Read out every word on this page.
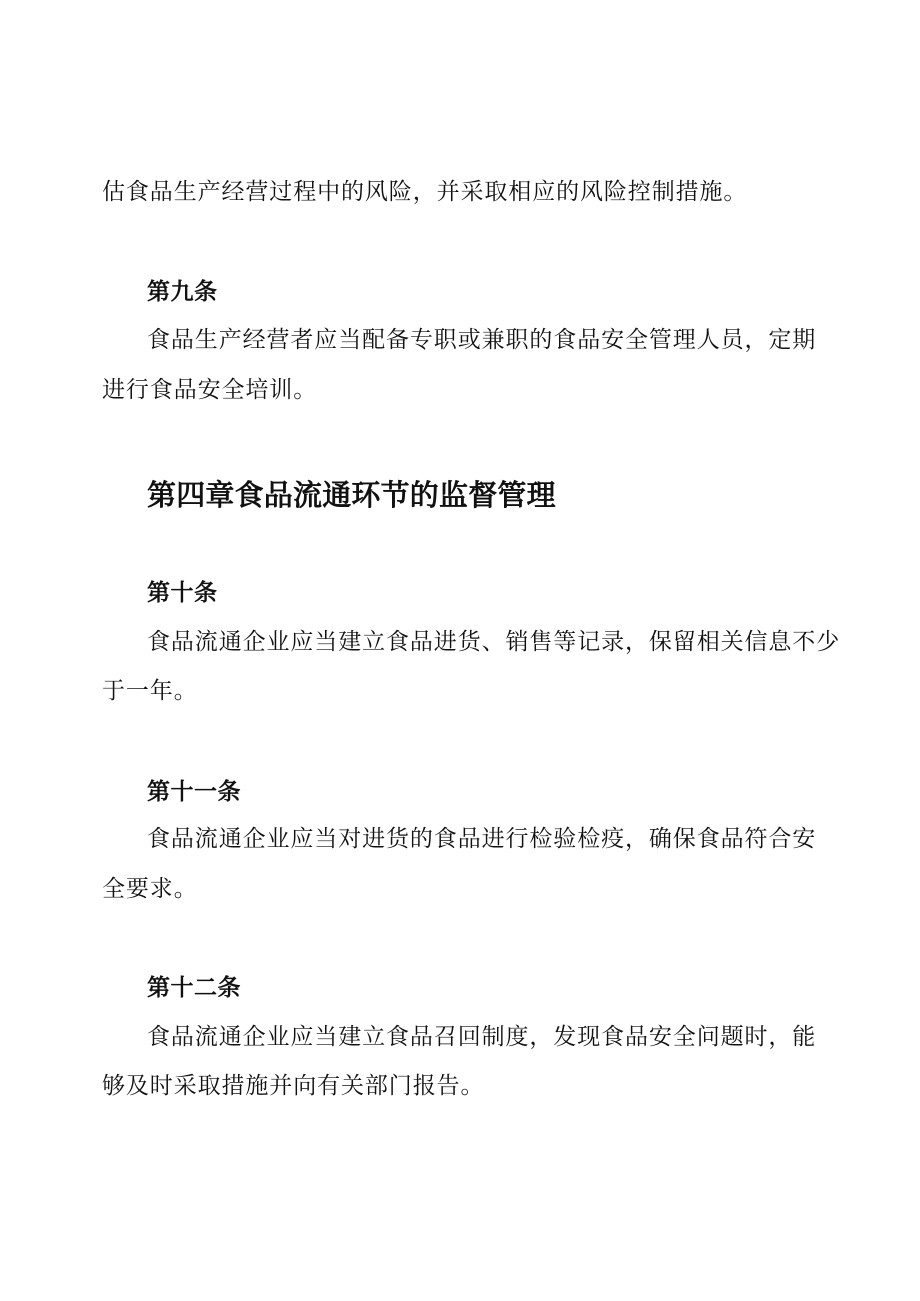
估食品生产经营过程中的风险，并采取相应的风险控制措施。

第九条

食品生产经营者应当配备专职或兼职的食品安全管理人员，定期

进行食品安全培训。

第四章食品流通环节的监督管理
第十条

食品流通企业应当建立食品进货、销售等记录，保留相关信息不少

于一年。

第十一条

食品流通企业应当对进货的食品进行检验检疫，确保食品符合安

全要求。

第十二条

食品流通企业应当建立食品召回制度，发现食品安全问题时，能

够及时采取措施并向有关部门报告。
